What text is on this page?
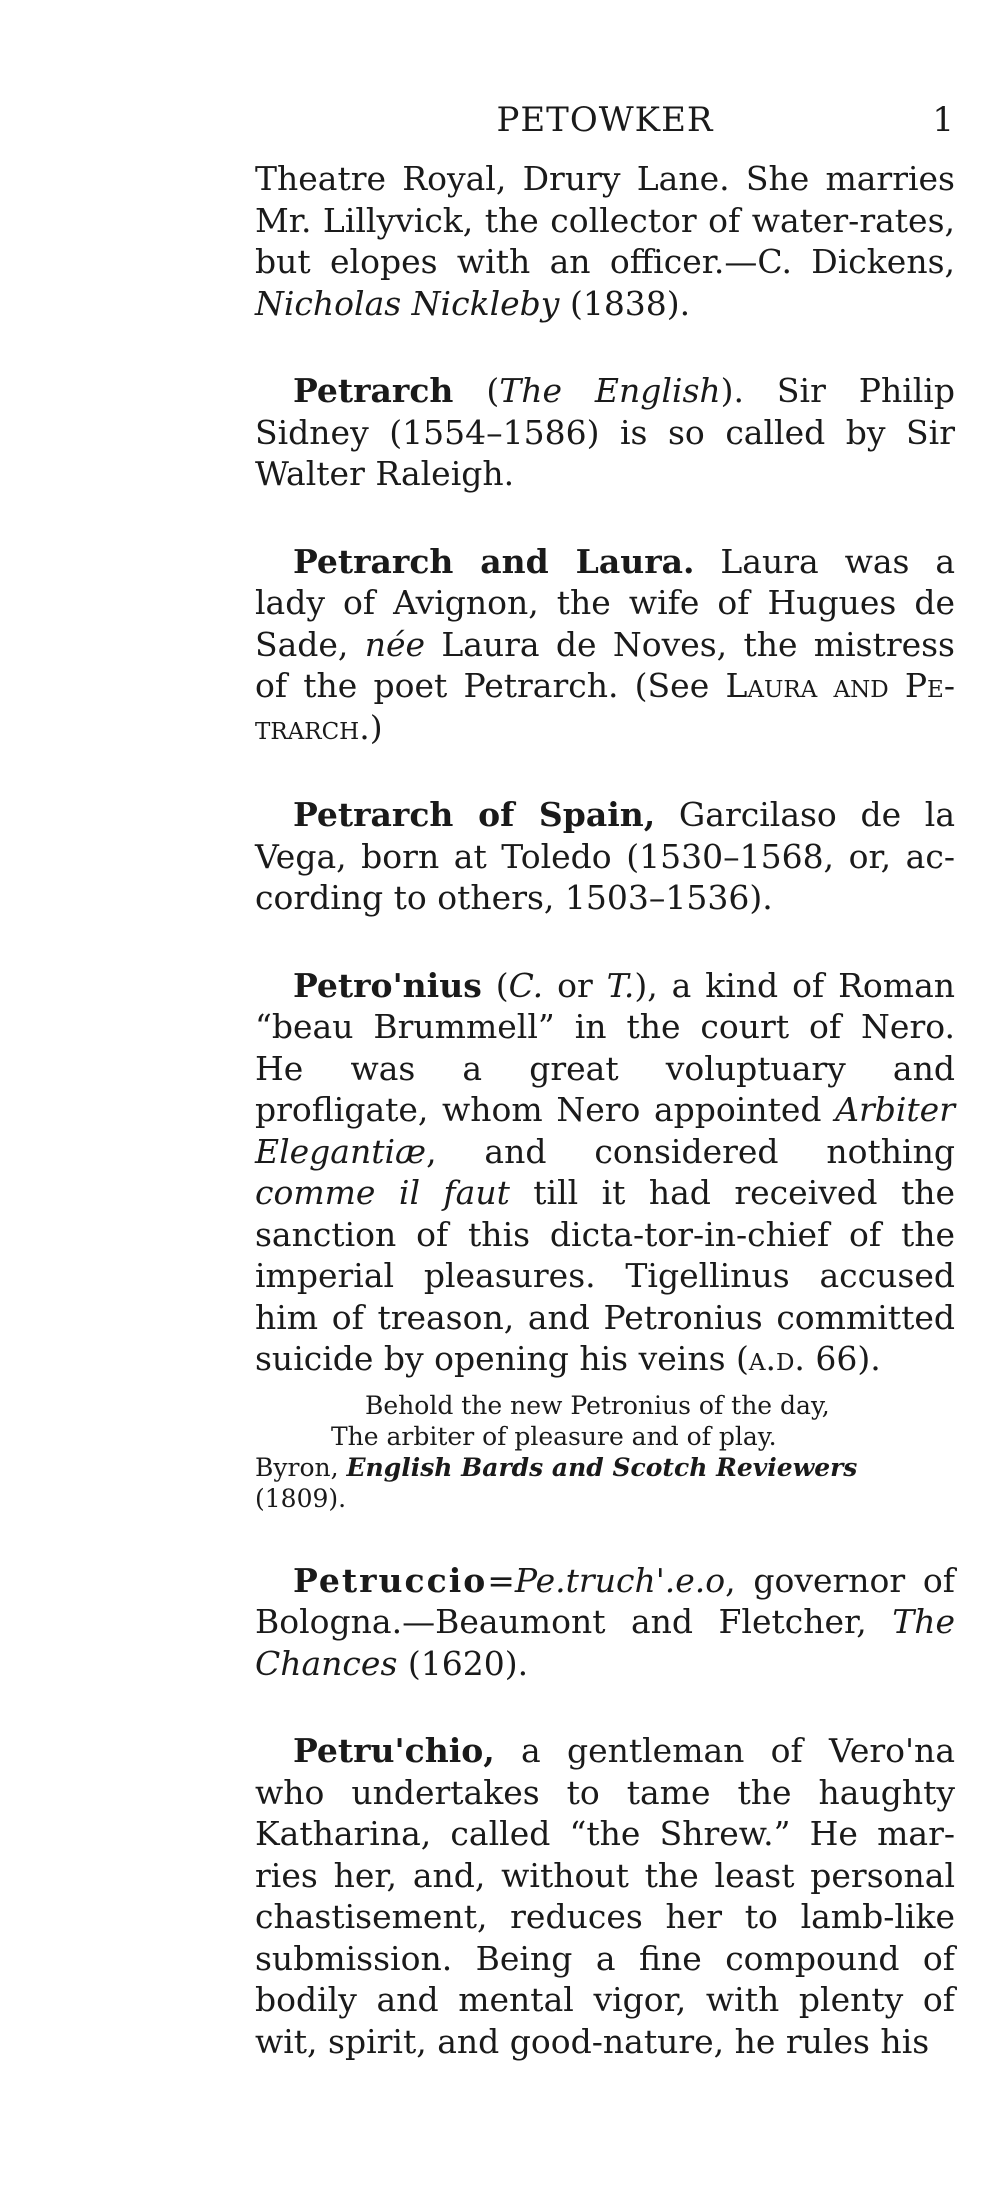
PETOWKER	1

Theatre Royal, Drury Lane. She marries Mr. Lillyvick, the collector of water-rates, but elopes with an officer.—C. Dickens, Nicholas Nickleby (1838).

Petrarch (The English). Sir Philip Sidney (1554–1586) is so called by Sir Walter Raleigh.

Petrarch and Laura. Laura was a lady of Avignon, the wife of Hugues de Sade, née Laura de Noves, the mistress of the poet Petrarch. (See Laura and Pe-trarch.)

Petrarch of Spain, Garcilaso de la Vega, born at Toledo (1530–1568, or, ac-cording to others, 1503–1536).

Petro'nius (C. or T.), a kind of Roman “beau Brummell” in the court of Nero. He was a great voluptuary and profligate, whom Nero appointed Arbiter Elegantiæ, and considered nothing comme il faut till it had received the sanction of this dicta-tor-in-chief of the imperial pleasures. Tigellinus accused him of treason, and Petronius committed suicide by opening his veins (a.d. 66).

Behold the new Petronius of the day,
The arbiter of pleasure and of play.
Byron, English Bards and Scotch Reviewers (1809).

Petruccio=Pe.truch'.e.o, governor of Bologna.—Beaumont and Fletcher, The Chances (1620).

Petru'chio, a gentleman of Vero'na who undertakes to tame the haughty Katharina, called “the Shrew.” He mar-ries her, and, without the least personal chastisement, reduces her to lamb-like submission. Being a fine compound of bodily and mental vigor, with plenty of wit, spirit, and good-nature, he rules his
